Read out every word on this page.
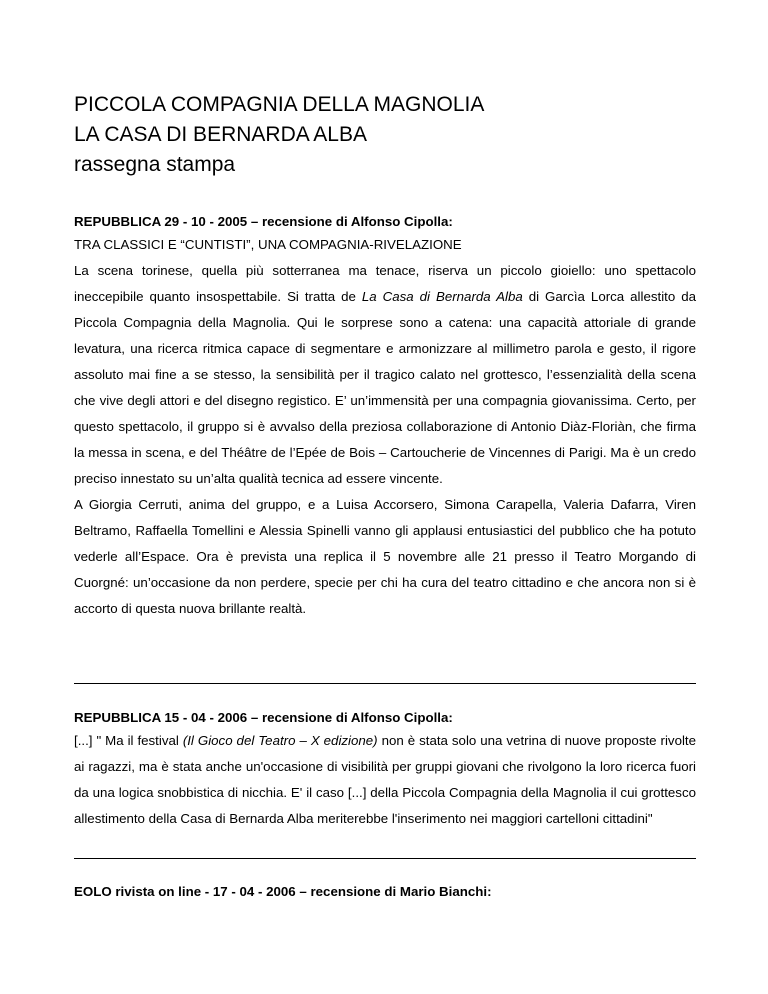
PICCOLA COMPAGNIA DELLA MAGNOLIA
LA CASA DI BERNARDA ALBA
rassegna stampa
REPUBBLICA 29 - 10 - 2005 – recensione di Alfonso Cipolla:
TRA CLASSICI E “CUNTISTI”, UNA COMPAGNIA-RIVELAZIONE

La scena torinese, quella più sotterranea ma tenace, riserva un piccolo gioiello: uno spettacolo ineccepibile quanto insospettabile. Si tratta de La Casa di Bernarda Alba di Garcìa Lorca allestito da Piccola Compagnia della Magnolia. Qui le sorprese sono a catena: una capacità attoriale di grande levatura, una ricerca ritmica capace di segmentare e armonizzare al millimetro parola e gesto, il rigore assoluto mai fine a se stesso, la sensibilità per il tragico calato nel grottesco, l’essenzialità della scena che vive degli attori e del disegno registico. E’ un’immensità per una compagnia giovanissima. Certo, per questo spettacolo, il gruppo si è avvalso della preziosa collaborazione di Antonio Diàz-Floriàn, che firma la messa in scena, e del Théâtre de l’Epée de Bois – Cartoucherie de Vincennes di Parigi. Ma è un credo preciso innestato su un’alta qualità tecnica ad essere vincente.

A Giorgia Cerruti, anima del gruppo, e a Luisa Accorsero, Simona Carapella, Valeria Dafarra, Viren Beltramo, Raffaella Tomellini e Alessia Spinelli vanno gli applausi entusiastici del pubblico che ha potuto vederle all’Espace. Ora è prevista una replica il 5 novembre alle 21 presso il Teatro Morgando di Cuorgné: un’occasione da non perdere, specie per chi ha cura del teatro cittadino e che ancora non si è accorto di questa nuova brillante realtà.

REPUBBLICA 15 - 04 - 2006 – recensione di Alfonso Cipolla:

[...] " Ma il festival (Il Gioco del Teatro – X edizione) non è stata solo una vetrina di nuove proposte rivolte ai ragazzi, ma è stata anche un'occasione di visibilità per gruppi giovani che rivolgono la loro ricerca fuori da una logica snobbistica di nicchia. E' il caso [...] della Piccola Compagnia della Magnolia il cui grottesco allestimento della Casa di Bernarda Alba meriterebbe l'inserimento nei maggiori cartelloni cittadini"

EOLO rivista on line - 17 - 04 - 2006 – recensione di Mario Bianchi:
